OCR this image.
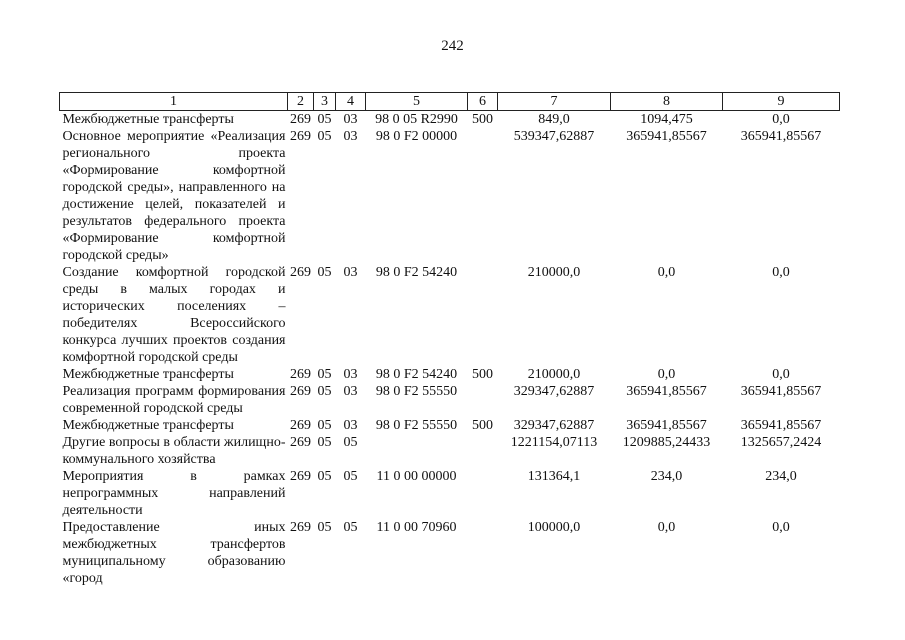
242
1	2	3	4	5	6	7	8	9
Межбюджетные трансферты	269	05	03	98 0 05 R2990	500	849,0	1094,475	0,0
Основное мероприятие «Реализация регионального проекта «Формирование комфортной городской среды», направленного на достижение целей, показателей и результатов федерального проекта «Формирование комфортной городской среды»	269	05	03	98 0 F2 00000		539347,62887	365941,85567	365941,85567
Создание комфортной городской среды в малых городах и исторических поселениях – победителях Всероссийского конкурса лучших проектов создания комфортной городской среды	269	05	03	98 0 F2 54240		210000,0	0,0	0,0
Межбюджетные трансферты	269	05	03	98 0 F2 54240	500	210000,0	0,0	0,0
Реализация программ формирования современной городской среды	269	05	03	98 0 F2 55550		329347,62887	365941,85567	365941,85567
Межбюджетные трансферты	269	05	03	98 0 F2 55550	500	329347,62887	365941,85567	365941,85567
Другие вопросы в области жилищно-коммунального хозяйства	269	05	05			1221154,07113	1209885,24433	1325657,2424
Мероприятия в рамках непрограммных направлений деятельности	269	05	05	11 0 00 00000		131364,1	234,0	234,0
Предоставление иных межбюджетных трансфертов муниципальному образованию «город	269	05	05	11 0 00 70960		100000,0	0,0	0,0
